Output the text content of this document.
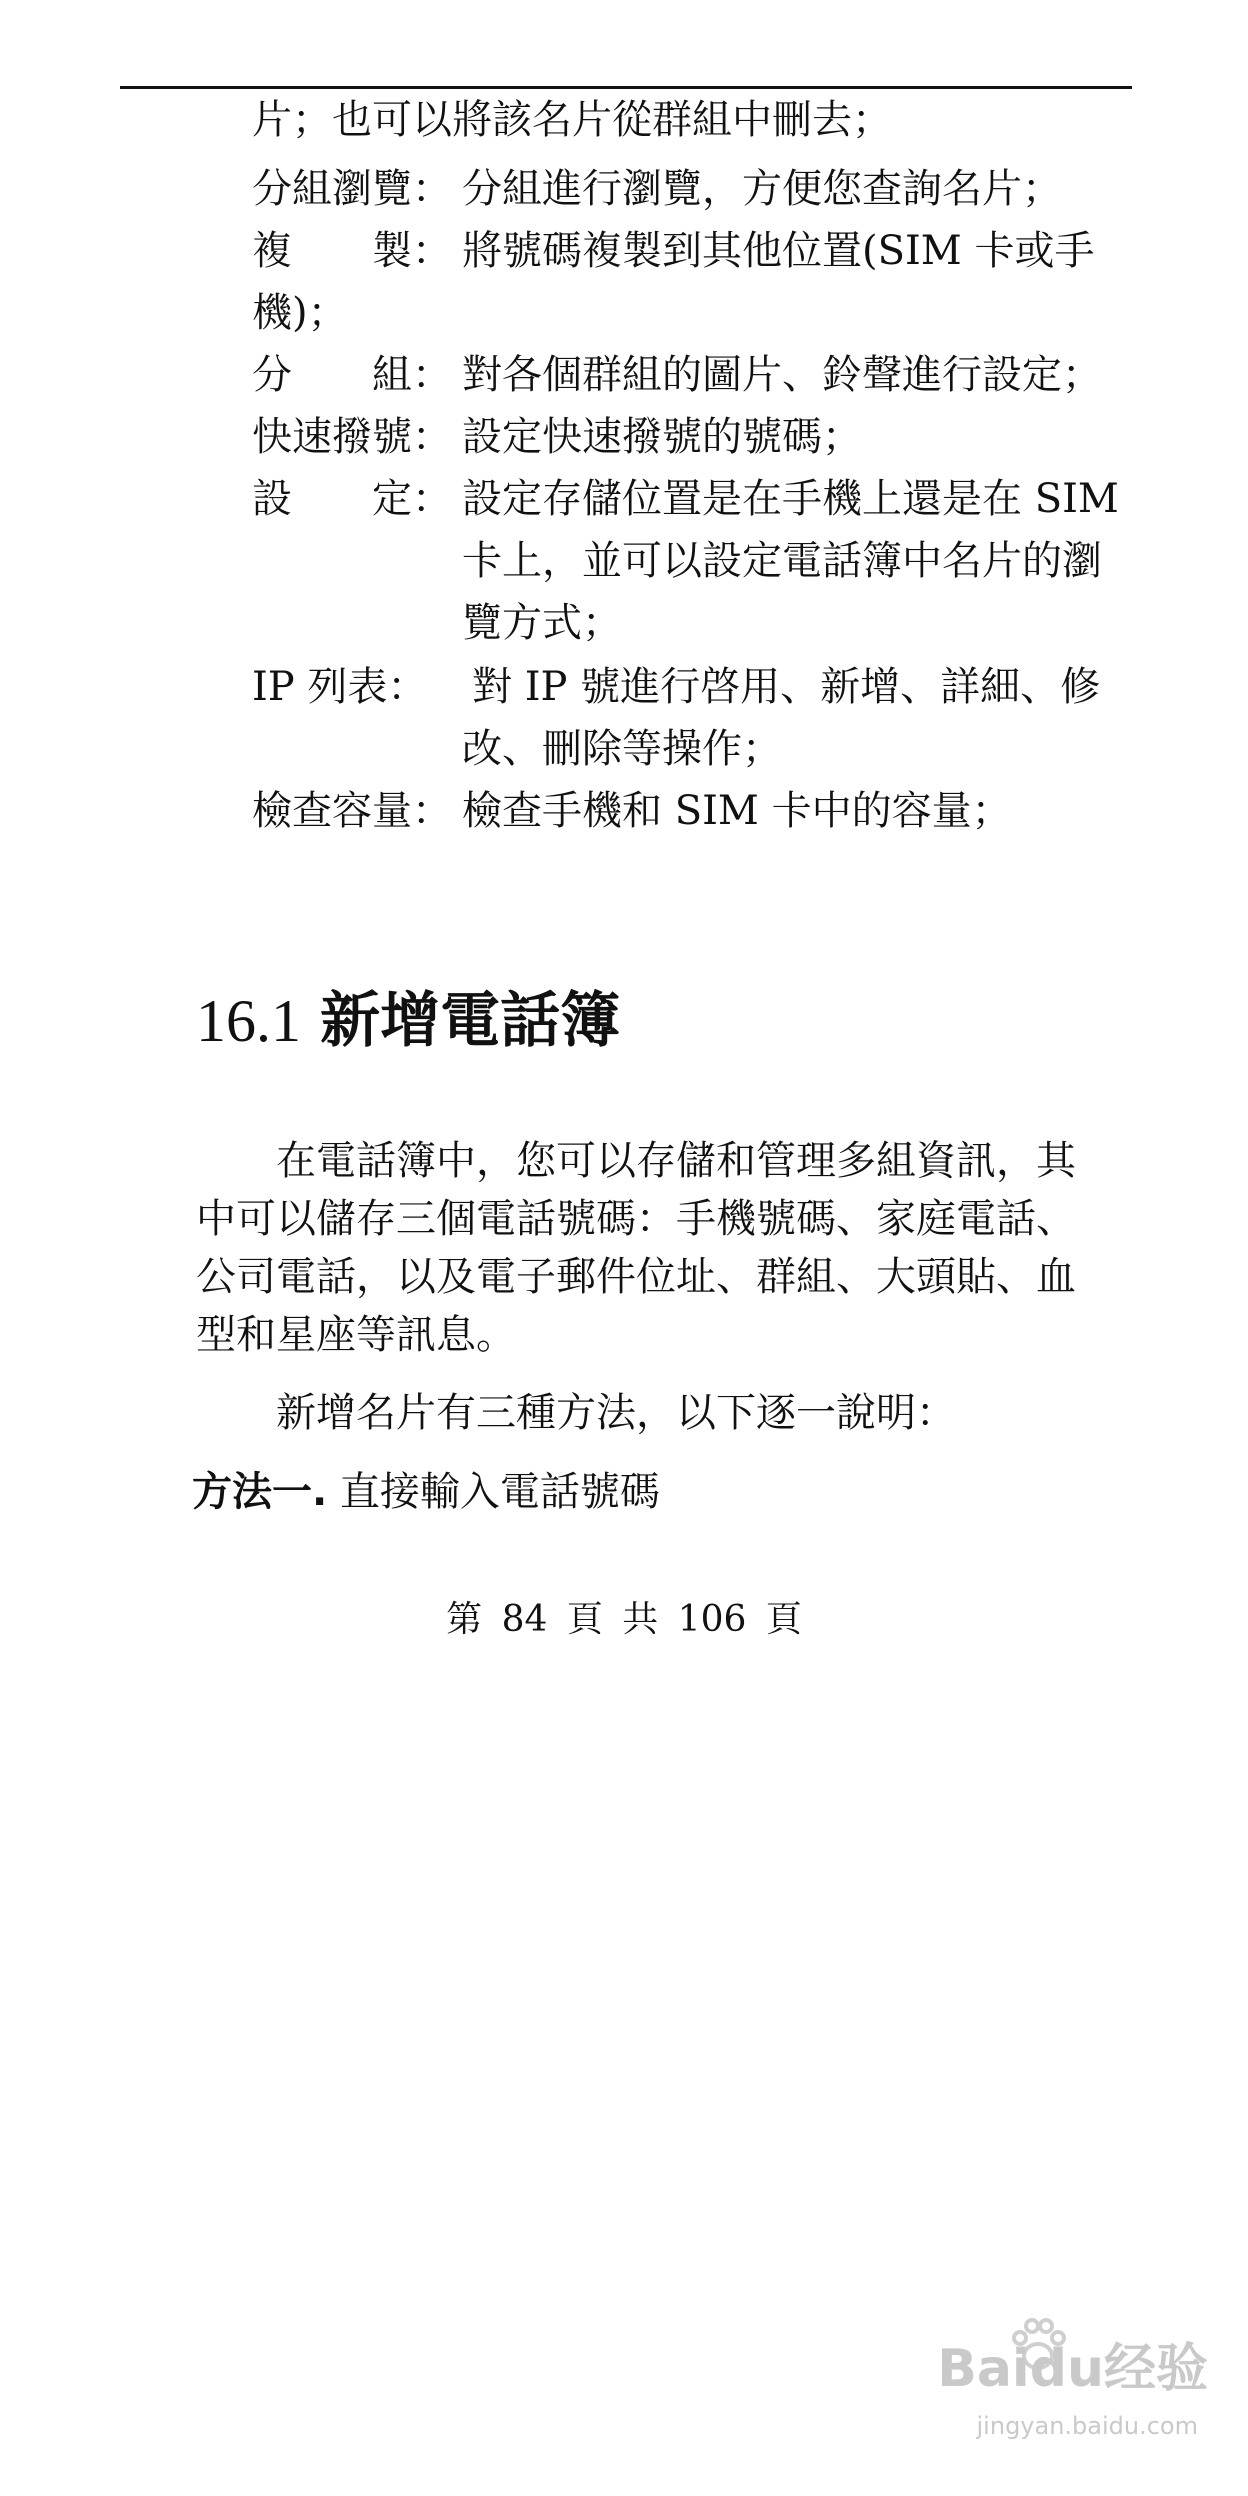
片；也可以將該名片從群組中刪去；
分組瀏覽： 分組進行瀏覽，方便您查詢名片；
複　　製： 將號碼複製到其他位置(SIM 卡或手
機)；
分　　組： 對各個群組的圖片、鈴聲進行設定；
快速撥號： 設定快速撥號的號碼；
設　　定： 設定存儲位置是在手機上還是在 SIM
卡上，並可以設定電話簿中名片的瀏
覽方式；
IP 列表： 對 IP 號進行啓用、新增、詳細、修
改、刪除等操作；
檢查容量： 檢查手機和 SIM 卡中的容量；
16.1 新增電話簿
　　在電話簿中，您可以存儲和管理多組資訊，其
中可以儲存三個電話號碼：手機號碼、家庭電話、
公司電話，以及電子郵件位址、群組、大頭貼、血
型和星座等訊息。
　　新增名片有三種方法，以下逐一說明：
方法一. 直接輸入電話號碼
第 84 頁 共 106 頁
Baidu经验
jingyan.baidu.com
